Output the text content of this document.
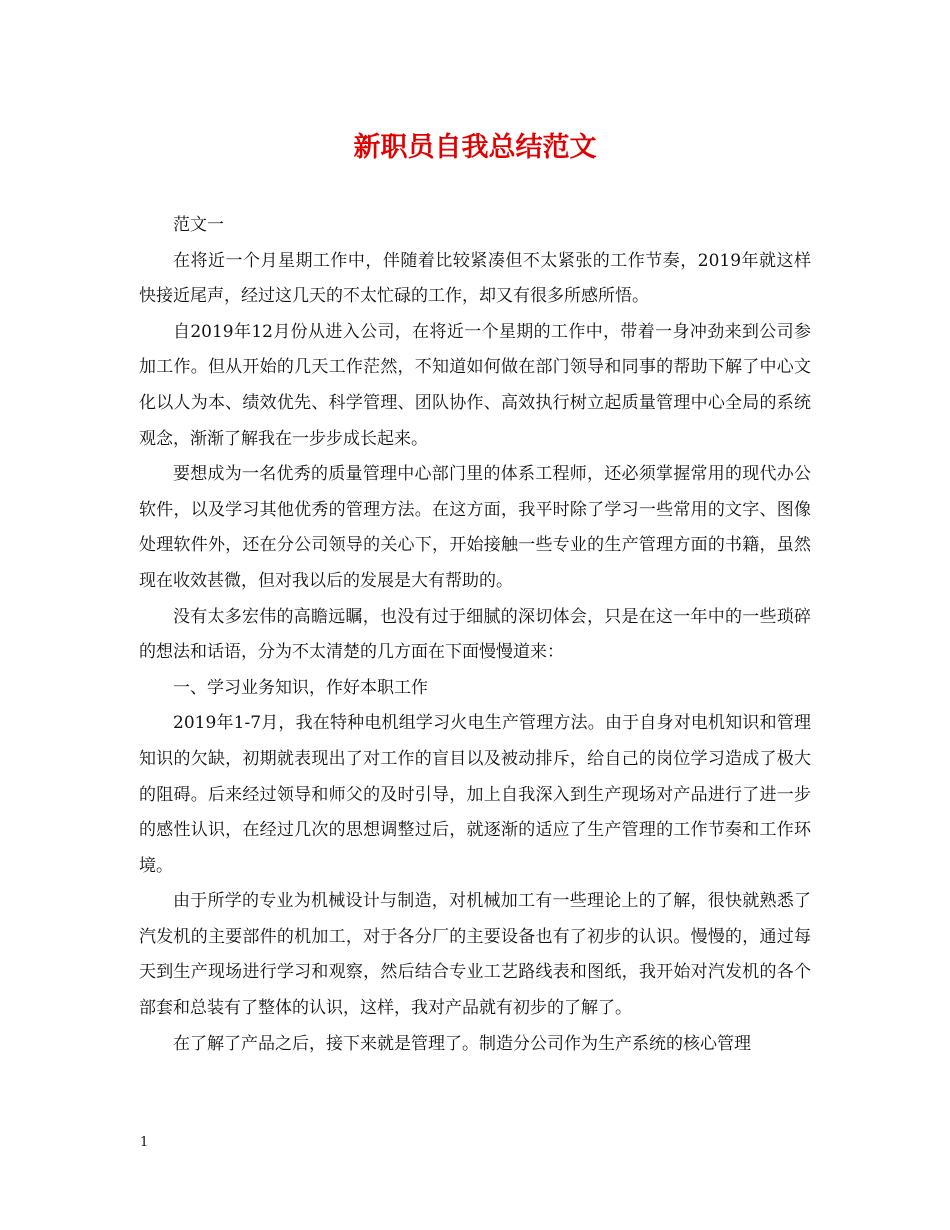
新职员自我总结范文

范文一

在将近一个月星期工作中，伴随着比较紧凑但不太紧张的工作节奏，2019年就这样快接近尾声，经过这几天的不太忙碌的工作，却又有很多所感所悟。

自2019年12月份从进入公司，在将近一个星期的工作中，带着一身冲劲来到公司参加工作。但从开始的几天工作茫然，不知道如何做在部门领导和同事的帮助下解了中心文化以人为本、绩效优先、科学管理、团队协作、高效执行树立起质量管理中心全局的系统观念，渐渐了解我在一步步成长起来。

要想成为一名优秀的质量管理中心部门里的体系工程师，还必须掌握常用的现代办公软件，以及学习其他优秀的管理方法。在这方面，我平时除了学习一些常用的文字、图像处理软件外，还在分公司领导的关心下，开始接触一些专业的生产管理方面的书籍，虽然现在收效甚微，但对我以后的发展是大有帮助的。

没有太多宏伟的高瞻远瞩，也没有过于细腻的深切体会，只是在这一年中的一些琐碎的想法和话语，分为不太清楚的几方面在下面慢慢道来：

一、学习业务知识，作好本职工作

2019年1-7月，我在特种电机组学习火电生产管理方法。由于自身对电机知识和管理知识的欠缺，初期就表现出了对工作的盲目以及被动排斥，给自己的岗位学习造成了极大的阻碍。后来经过领导和师父的及时引导，加上自我深入到生产现场对产品进行了进一步的感性认识，在经过几次的思想调整过后，就逐渐的适应了生产管理的工作节奏和工作环境。

由于所学的专业为机械设计与制造，对机械加工有一些理论上的了解，很快就熟悉了汽发机的主要部件的机加工，对于各分厂的主要设备也有了初步的认识。慢慢的，通过每天到生产现场进行学习和观察，然后结合专业工艺路线表和图纸，我开始对汽发机的各个部套和总装有了整体的认识，这样，我对产品就有初步的了解了。

在了解了产品之后，接下来就是管理了。制造分公司作为生产系统的核心管理

1
